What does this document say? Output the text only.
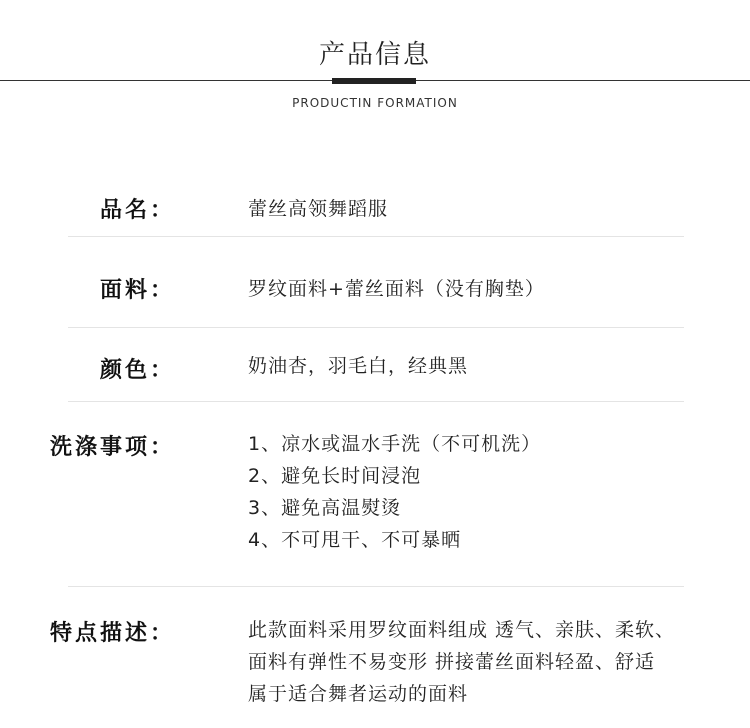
产品信息
PRODUCTIN FORMATION
品名：	蕾丝高领舞蹈服
面料：	罗纹面料+蕾丝面料（没有胸垫）
颜色：	奶油杏，羽毛白，经典黑
洗涤事项：	1、凉水或温水手洗（不可机洗）
2、避免长时间浸泡
3、避免高温熨烫
4、不可甩干、不可暴晒
特点描述：	此款面料采用罗纹面料组成 透气、亲肤、柔软、
面料有弹性不易变形 拼接蕾丝面料轻盈、舒适
属于适合舞者运动的面料
